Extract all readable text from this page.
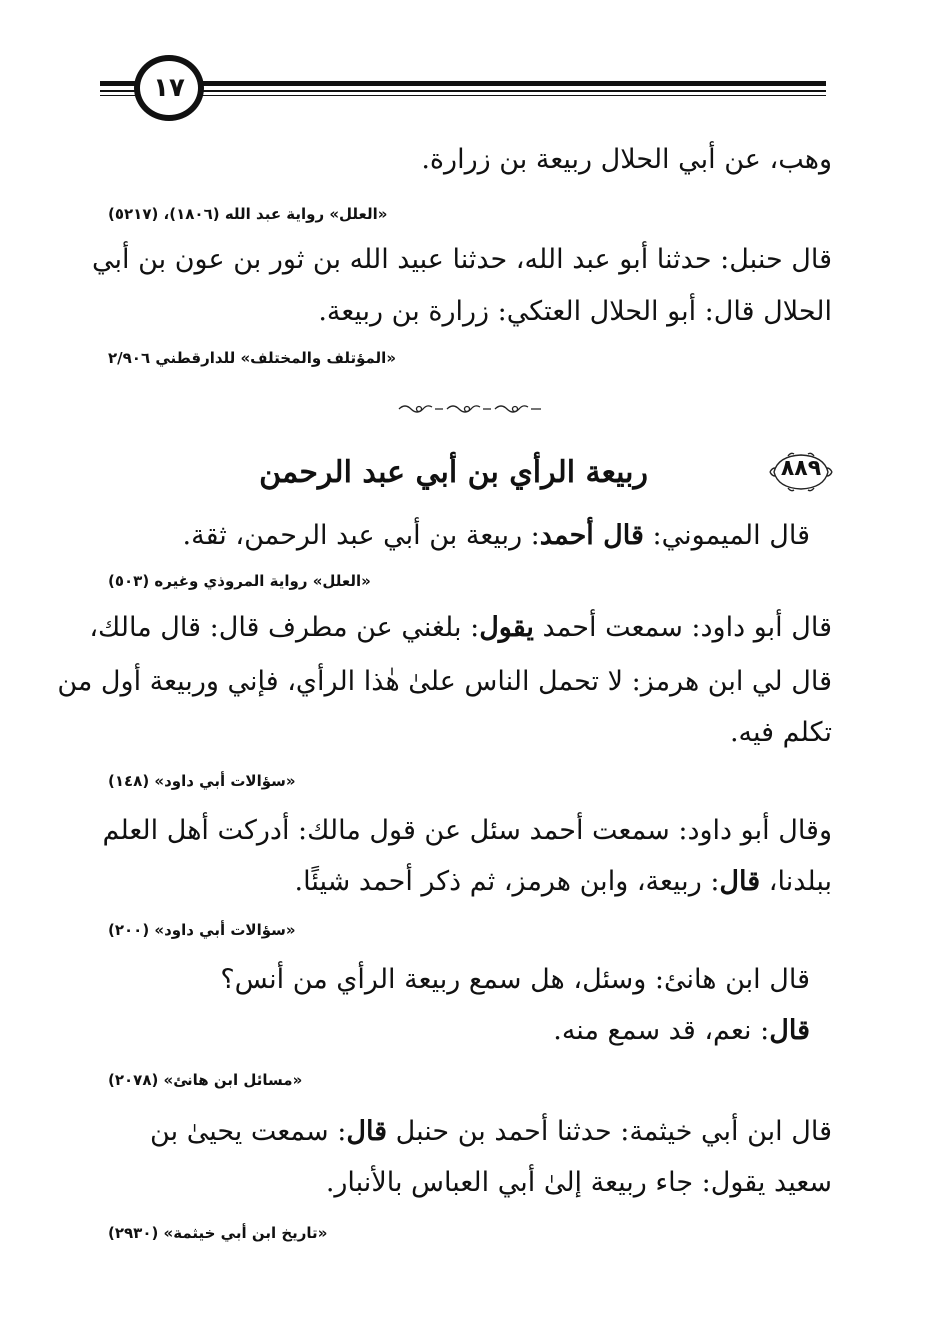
١٧
وهب، عن أبي الحلال ربيعة بن زرارة.
«العلل» رواية عبد الله (١٨٠٦)، (٥٢١٧)
قال حنبل: حدثنا أبو عبد الله، حدثنا عبيد الله بن ثور بن عون بن أبي
الحلال قال: أبو الحلال العتكي: زرارة بن ربيعة.
«المؤتلف والمختلف» للدارقطني ٢/٩٠٦
٨٨٩
ربيعة الرأي بن أبي عبد الرحمن
قال الميموني: قال أحمد: ربيعة بن أبي عبد الرحمن، ثقة.
«العلل» رواية المروذي وغيره (٥٠٣)
قال أبو داود: سمعت أحمد يقول: بلغني عن مطرف قال: قال مالك،
قال لي ابن هرمز: لا تحمل الناس علىٰ هٰذا الرأي، فإني وربيعة أول من
تكلم فيه.
«سؤالات أبي داود» (١٤٨)
وقال أبو داود: سمعت أحمد سئل عن قول مالك: أدركت أهل العلم
ببلدنا، قال: ربيعة، وابن هرمز، ثم ذكر أحمد شيئًا.
«سؤالات أبي داود» (٢٠٠)
قال ابن هانئ: وسئل، هل سمع ربيعة الرأي من أنس؟
قال: نعم، قد سمع منه.
«مسائل ابن هانئ» (٢٠٧٨)
قال ابن أبي خيثمة: حدثنا أحمد بن حنبل قال: سمعت يحيىٰ بن
سعيد يقول: جاء ربيعة إلىٰ أبي العباس بالأنبار.
«تاريخ ابن أبي خيثمة» (٢٩٣٠)
